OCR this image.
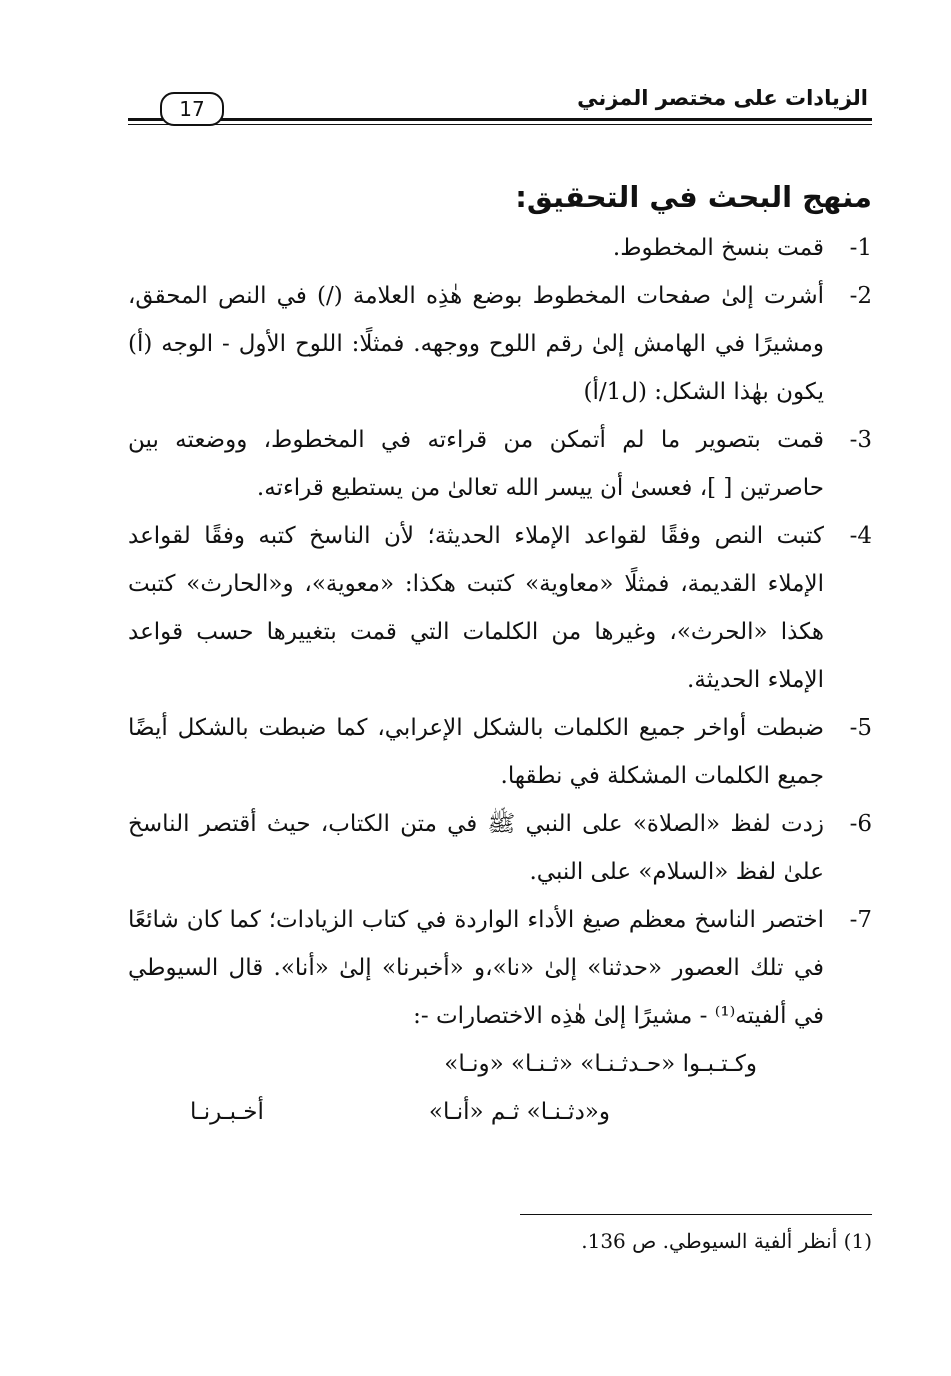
الزيادات على مختصر المزني
17
منهج البحث في التحقيق:
1-
قمت بنسخ المخطوط.
2-
أشرت إلىٰ صفحات المخطوط بوضع هٰذِه العلامة (/) في النص المحقق، ومشيرًا في الهامش إلىٰ رقم اللوح ووجهه. فمثلًا: اللوح الأول - الوجه (أ) يكون بهٰذا الشكل: (ل1/أ)
3-
قمت بتصوير ما لم أتمكن من قراءته في المخطوط، ووضعته بين حاصرتين [ ]، فعسىٰ أن ييسر الله تعالىٰ من يستطيع قراءته.
4-
كتبت النص وفقًا لقواعد الإملاء الحديثة؛ لأن الناسخ كتبه وفقًا لقواعد الإملاء القديمة، فمثلًا «معاوية» كتبت هكذا: «معوية»، و«الحارث» كتبت هكذا «الحرث»، وغيرها من الكلمات التي قمت بتغييرها حسب قواعد الإملاء الحديثة.
5-
ضبطت أواخر جميع الكلمات بالشكل الإعرابي، كما ضبطت بالشكل أيضًا جميع الكلمات المشكلة في نطقها.
6-
زدت لفظ «الصلاة» على النبي ﷺ في متن الكتاب، حيث أقتصر الناسخ علىٰ لفظ «السلام» على النبي.
7-
اختصر الناسخ معظم صيغ الأداء الواردة في كتاب الزيادات؛ كما كان شائعًا في تلك العصور «حدثنا» إلىٰ «نا»،و «أخبرنا» إلىٰ «أنا». قال السيوطي في ألفيته⁽¹⁾ - مشيرًا إلىٰ هٰذِه الاختصارات -:
وكـتـبـوا «حـدثـنـا» «ثـنـا» «ونـا»
و«دثـنـا» ثـم «أنـا»
أخـبـرنـا
(1) أنظر ألفية السيوطي. ص 136.
